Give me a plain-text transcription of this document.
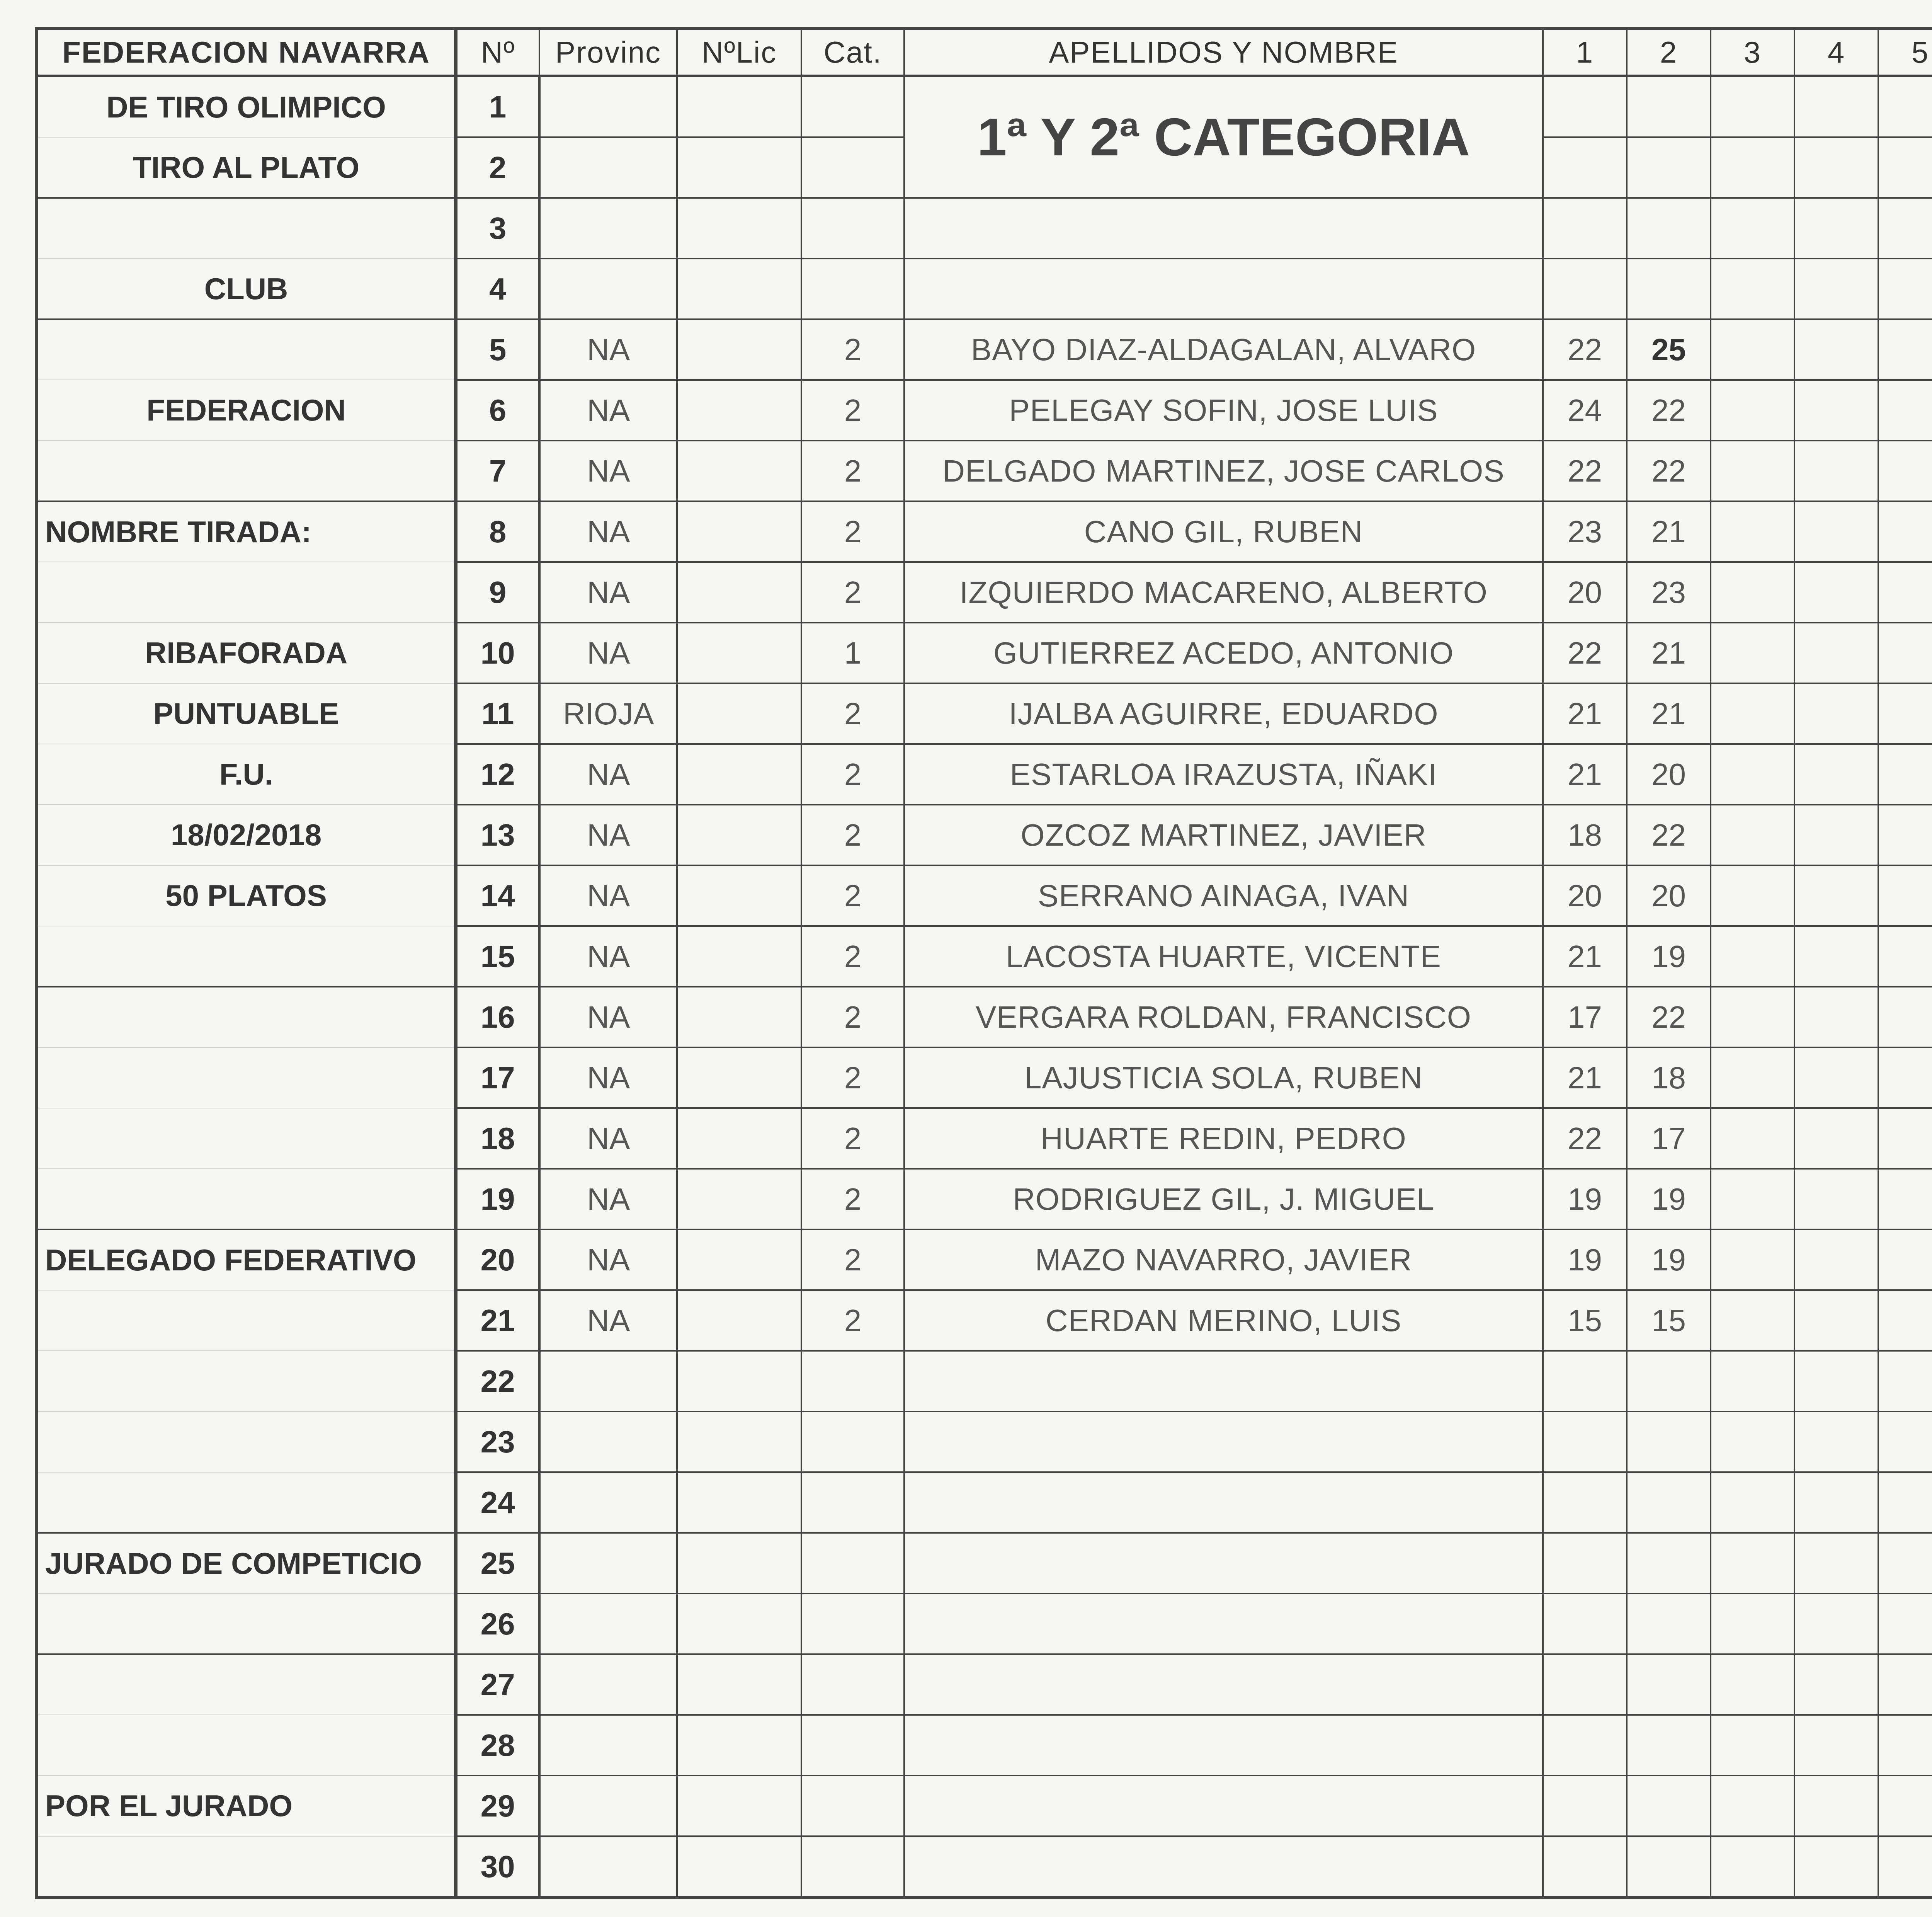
FEDERACION NAVARRA	Nº	Provinc	NºLic	Cat.	APELLIDOS Y NOMBRE	1	2	3	4	5					
DE TIRO OLIMPICO	1				1ª Y 2ª CATEGORIA										
TIRO AL PLATO	2														
	3														
CLUB	4														
	5	NA		2	BAYO DIAZ-ALDAGALAN, ALVARO	22	25								
FEDERACION	6	NA		2	PELEGAY SOFIN, JOSE LUIS	24	22								
	7	NA		2	DELGADO MARTINEZ, JOSE CARLOS	22	22								
NOMBRE TIRADA:	8	NA		2	CANO GIL, RUBEN	23	21								
	9	NA		2	IZQUIERDO MACARENO, ALBERTO	20	23								
RIBAFORADA	10	NA		1	GUTIERREZ ACEDO, ANTONIO	22	21								
PUNTUABLE	11	RIOJA		2	IJALBA AGUIRRE, EDUARDO	21	21								
F.U.	12	NA		2	ESTARLOA IRAZUSTA, IÑAKI	21	20								
18/02/2018	13	NA		2	OZCOZ MARTINEZ, JAVIER	18	22								
50 PLATOS	14	NA		2	SERRANO AINAGA, IVAN	20	20								
	15	NA		2	LACOSTA HUARTE, VICENTE	21	19								
	16	NA		2	VERGARA ROLDAN, FRANCISCO	17	22								
	17	NA		2	LAJUSTICIA SOLA, RUBEN	21	18								
	18	NA		2	HUARTE REDIN, PEDRO	22	17								
	19	NA		2	RODRIGUEZ GIL, J. MIGUEL	19	19								
DELEGADO FEDERATIVO	20	NA		2	MAZO NAVARRO, JAVIER	19	19								
	21	NA		2	CERDAN MERINO, LUIS	15	15								
	22														
	23														
	24														
JURADO DE COMPETICIO	25														
	26														
	27														
	28														
POR EL JURADO	29														
	30														
